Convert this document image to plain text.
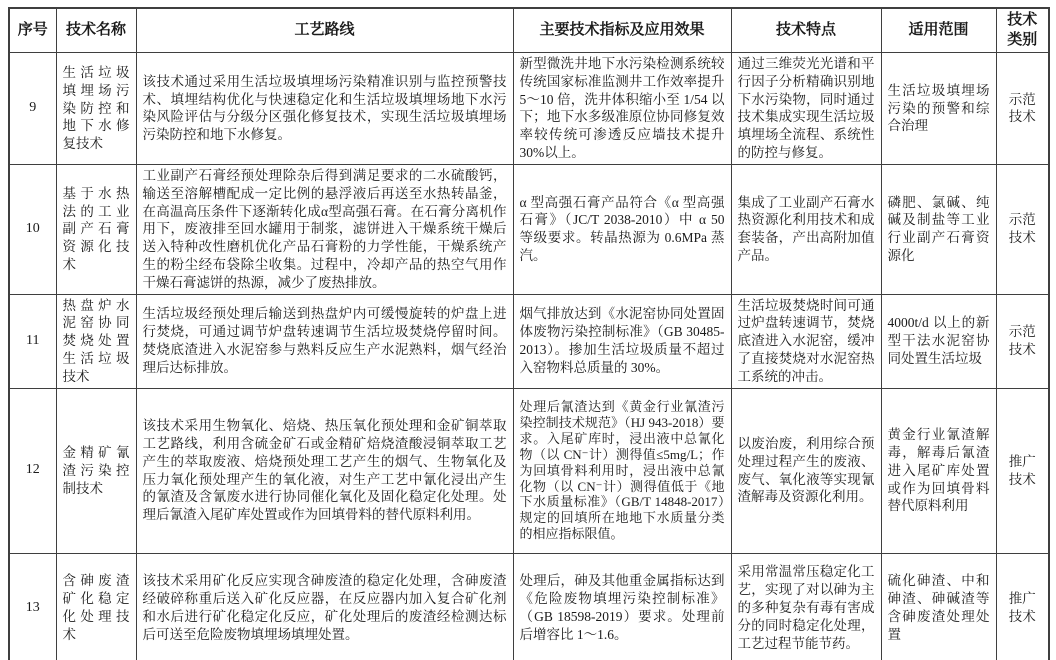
序号	技术名称	工艺路线	主要技术指标及应用效果	技术特点	适用范围	技术类别
9	生活垃圾填埋场污染防控和地下水修复技术	该技术通过采用生活垃圾填埋场污染精准识别与监控预警技术、填埋结构优化与快速稳定化和生活垃圾填埋场地下水污染风险评估与分级分区强化修复技术，实现生活垃圾填埋场污染防控和地下水修复。	新型微洗井地下水污染检测系统较传统国家标准监测井工作效率提升 5～10 倍，洗井体积缩小至 1/54 以下；地下水多级准原位协同修复效率较传统可渗透反应墙技术提升 30%以上。	通过三维荧光光谱和平行因子分析精确识别地下水污染物，同时通过技术集成实现生活垃圾填埋场全流程、系统性的防控与修复。	生活垃圾填埋场污染的预警和综合治理	示范技术
10	基于水热法的工业副产石膏资源化技术	工业副产石膏经预处理除杂后得到满足要求的二水硫酸钙，输送至溶解槽配成一定比例的悬浮液后再送至水热转晶釜，在高温高压条件下逐渐转化成α型高强石膏。在石膏分离机作用下，废液排至回水罐用于制浆，滤饼进入干燥系统干燥后送入特种改性磨机优化产品石膏粉的力学性能，干燥系统产生的粉尘经布袋除尘收集。过程中，冷却产品的热空气用作干燥石膏滤饼的热源，减少了废热排放。	α 型高强石膏产品符合《α 型高强石膏》（JC/T 2038-2010）中 α 50 等级要求。转晶热源为 0.6MPa 蒸汽。	集成了工业副产石膏水热资源化利用技术和成套装备，产出高附加值产品。	磷肥、氯碱、纯碱及制盐等工业行业副产石膏资源化	示范技术
11	热盘炉水泥窑协同焚烧处置生活垃圾技术	生活垃圾经预处理后输送到热盘炉内可缓慢旋转的炉盘上进行焚烧，可通过调节炉盘转速调节生活垃圾焚烧停留时间。焚烧底渣进入水泥窑参与熟料反应生产水泥熟料，烟气经治理后达标排放。	烟气排放达到《水泥窑协同处置固体废物污染控制标准》（GB 30485-2013）。掺加生活垃圾质量不超过入窑物料总质量的 30%。	生活垃圾焚烧时间可通过炉盘转速调节，焚烧底渣进入水泥窑，缓冲了直接焚烧对水泥窑热工系统的冲击。	4000t/d 以上的新型干法水泥窑协同处置生活垃圾	示范技术
12	金精矿氰渣污染控制技术	该技术采用生物氧化、焙烧、热压氧化预处理和金矿铜萃取工艺路线，利用含硫金矿石或金精矿焙烧渣酸浸铜萃取工艺产生的萃取废液、焙烧预处理工艺产生的烟气、生物氧化及压力氧化预处理产生的氧化液，对生产工艺中氰化浸出产生的氰渣及含氰废水进行协同催化氧化及固化稳定化处理。处理后氰渣入尾矿库处置或作为回填骨料的替代原料利用。	处理后氰渣达到《黄金行业氰渣污染控制技术规范》（HJ 943-2018）要求。入尾矿库时，浸出液中总氰化物（以 CN⁻计）测得值≤5mg/L；作为回填骨料利用时，浸出液中总氰化物（以 CN⁻计）测得值低于《地下水质量标准》（GB/T 14848-2017）规定的回填所在地地下水质量分类的相应指标限值。	以废治废，利用综合预处理过程产生的废液、废气、氧化液等实现氰渣解毒及资源化利用。	黄金行业氰渣解毒，解毒后氰渣进入尾矿库处置或作为回填骨料替代原料利用	推广技术
13	含砷废渣矿化稳定化处理技术	该技术采用矿化反应实现含砷废渣的稳定化处理，含砷废渣经破碎称重后送入矿化反应器，在反应器内加入复合矿化剂和水后进行矿化稳定化反应，矿化处理后的废渣经检测达标后可送至危险废物填埋场填埋处置。	处理后，砷及其他重金属指标达到《危险废物填埋污染控制标准》（GB 18598-2019）要求。处理前后增容比 1～1.6。	采用常温常压稳定化工艺，实现了对以砷为主的多种复杂有毒有害成分的同时稳定化处理，工艺过程节能节药。	硫化砷渣、中和砷渣、砷碱渣等含砷废渣处理处置	推广技术
